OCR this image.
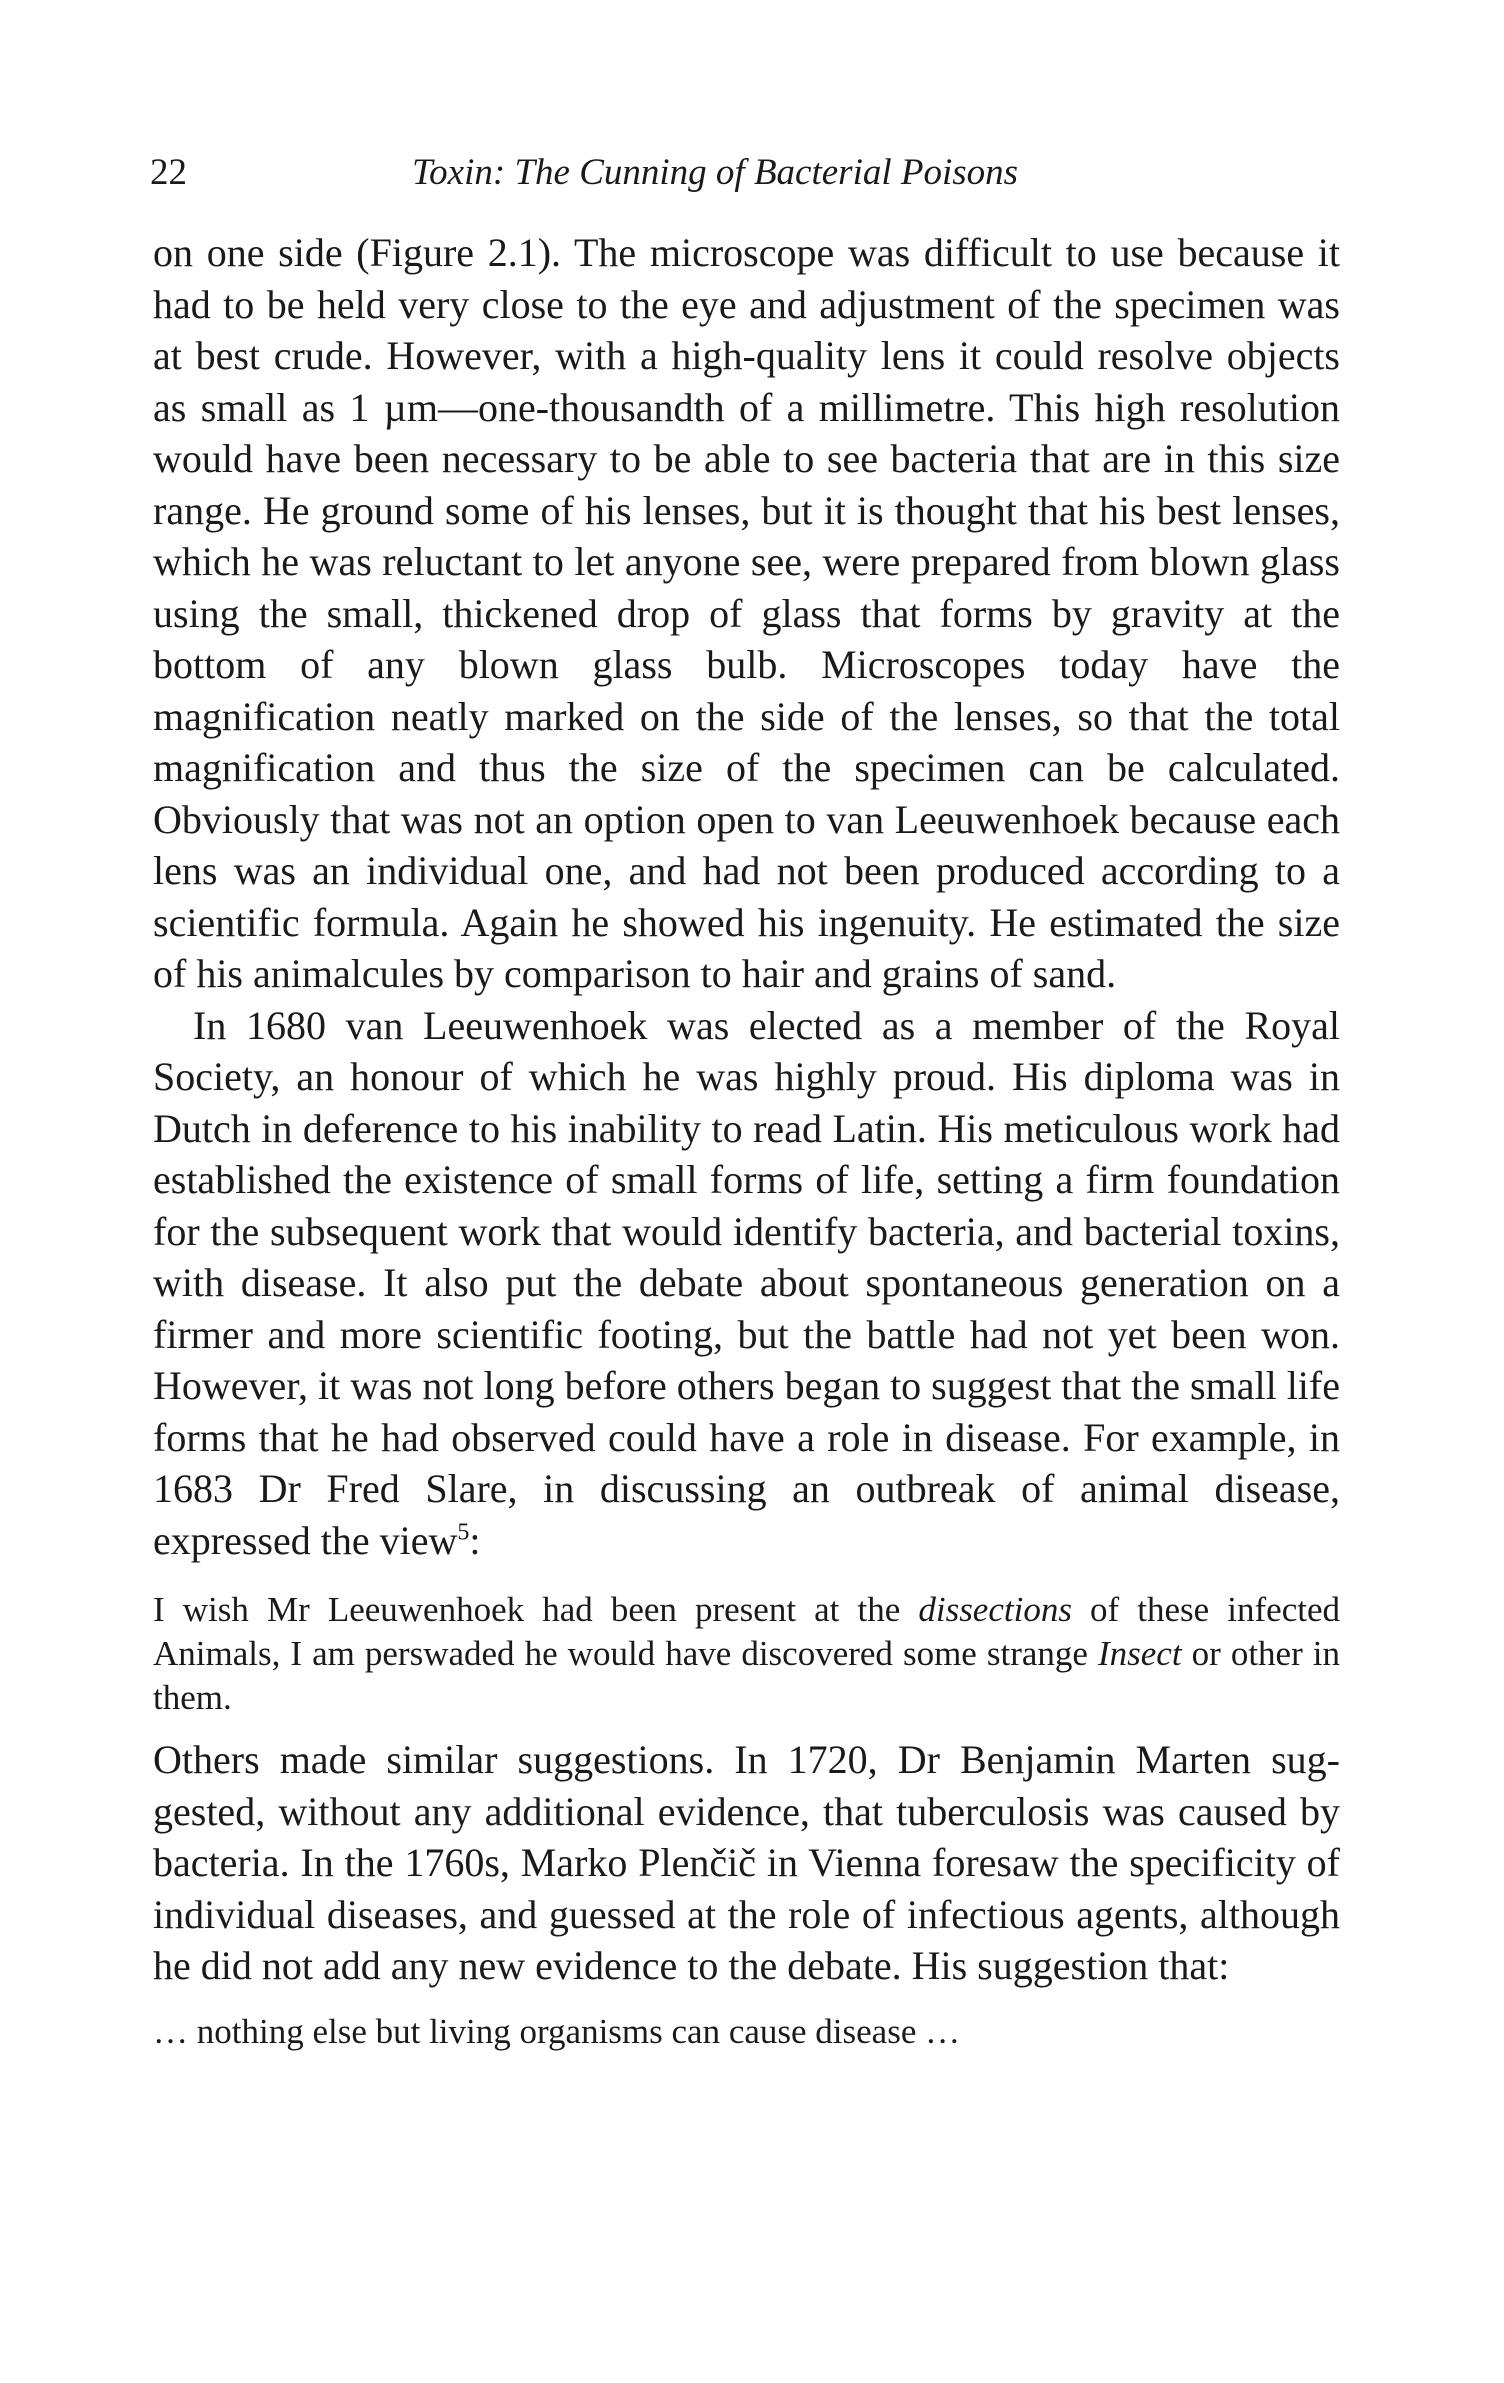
22	Toxin: The Cunning of Bacterial Poisons

on one side (Figure 2.1). The microscope was difficult to use because it had to be held very close to the eye and adjustment of the specimen was at best crude. However, with a high-quality lens it could resolve objects as small as 1 µm—one-thousandth of a millimetre. This high resolution would have been necessary to be able to see bacteria that are in this size range. He ground some of his lenses, but it is thought that his best lenses, which he was reluctant to let anyone see, were prepared from blown glass using the small, thickened drop of glass that forms by gravity at the bottom of any blown glass bulb. Microscopes today have the magnification neatly marked on the side of the lenses, so that the total magnification and thus the size of the specimen can be calculated. Obviously that was not an option open to van Leeuwenhoek because each lens was an individual one, and had not been produced according to a scientific formula. Again he showed his ingenuity. He estimated the size of his animalcules by comparison to hair and grains of sand.

In 1680 van Leeuwenhoek was elected as a member of the Royal Society, an honour of which he was highly proud. His diploma was in Dutch in deference to his inability to read Latin. His meticulous work had established the existence of small forms of life, setting a firm foundation for the subsequent work that would identify bacteria, and bacterial toxins, with disease. It also put the debate about spontaneous generation on a firmer and more scientific footing, but the battle had not yet been won. However, it was not long before others began to suggest that the small life forms that he had observed could have a role in disease. For example, in 1683 Dr Fred Slare, in discussing an outbreak of animal disease, expressed the view$^5$:

I wish Mr Leeuwenhoek had been present at the dissections of these infected Animals, I am perswaded he would have discovered some strange Insect or other in them.

Others made similar suggestions. In 1720, Dr Benjamin Marten suggested, without any additional evidence, that tuberculosis was caused by bacteria. In the 1760s, Marko Plenčič in Vienna foresaw the specificity of individual diseases, and guessed at the role of infectious agents, although he did not add any new evidence to the debate. His suggestion that:

… nothing else but living organisms can cause disease …
